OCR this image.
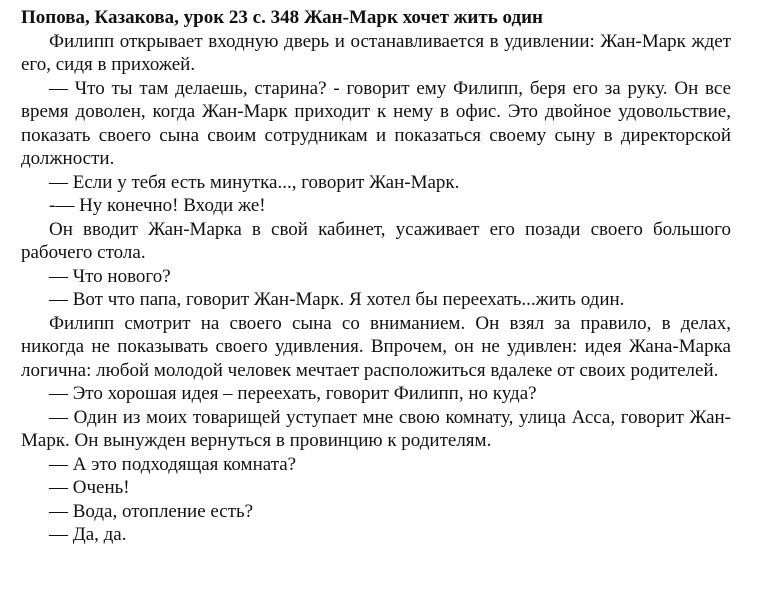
Попова, Казакова, урок 23 с. 348 Жан-Марк хочет жить один

Филипп открывает входную дверь и останавливается в удивлении: Жан-Марк ждет его, сидя в прихожей.

— Что ты там делаешь, старина? - говорит ему Филипп, беря его за руку. Он все время доволен, когда Жан-Марк приходит к нему в офис. Это двойное удовольствие, показать своего сына своим сотрудникам и показаться своему сыну в директорской должности.

— Если у тебя есть минутка..., говорит Жан-Марк.

-— Ну конечно! Входи же!

Он вводит Жан-Марка в свой кабинет, усаживает его позади своего большого рабочего стола.

— Что нового?

— Вот что папа, говорит Жан-Марк. Я хотел бы переехать...жить один.

Филипп смотрит на своего сына со вниманием. Он взял за правило, в делах, никогда не показывать своего удивления. Впрочем, он не удивлен: идея Жана-Марка логична: любой молодой человек мечтает расположиться вдалеке от своих родителей.

— Это хорошая идея – переехать, говорит Филипп, но куда?

— Один из моих товарищей уступает мне свою комнату, улица Асса, говорит Жан-Марк. Он вынужден вернуться в провинцию к родителям.

— А это подходящая комната?

— Очень!

— Вода, отопление есть?

— Да, да.
